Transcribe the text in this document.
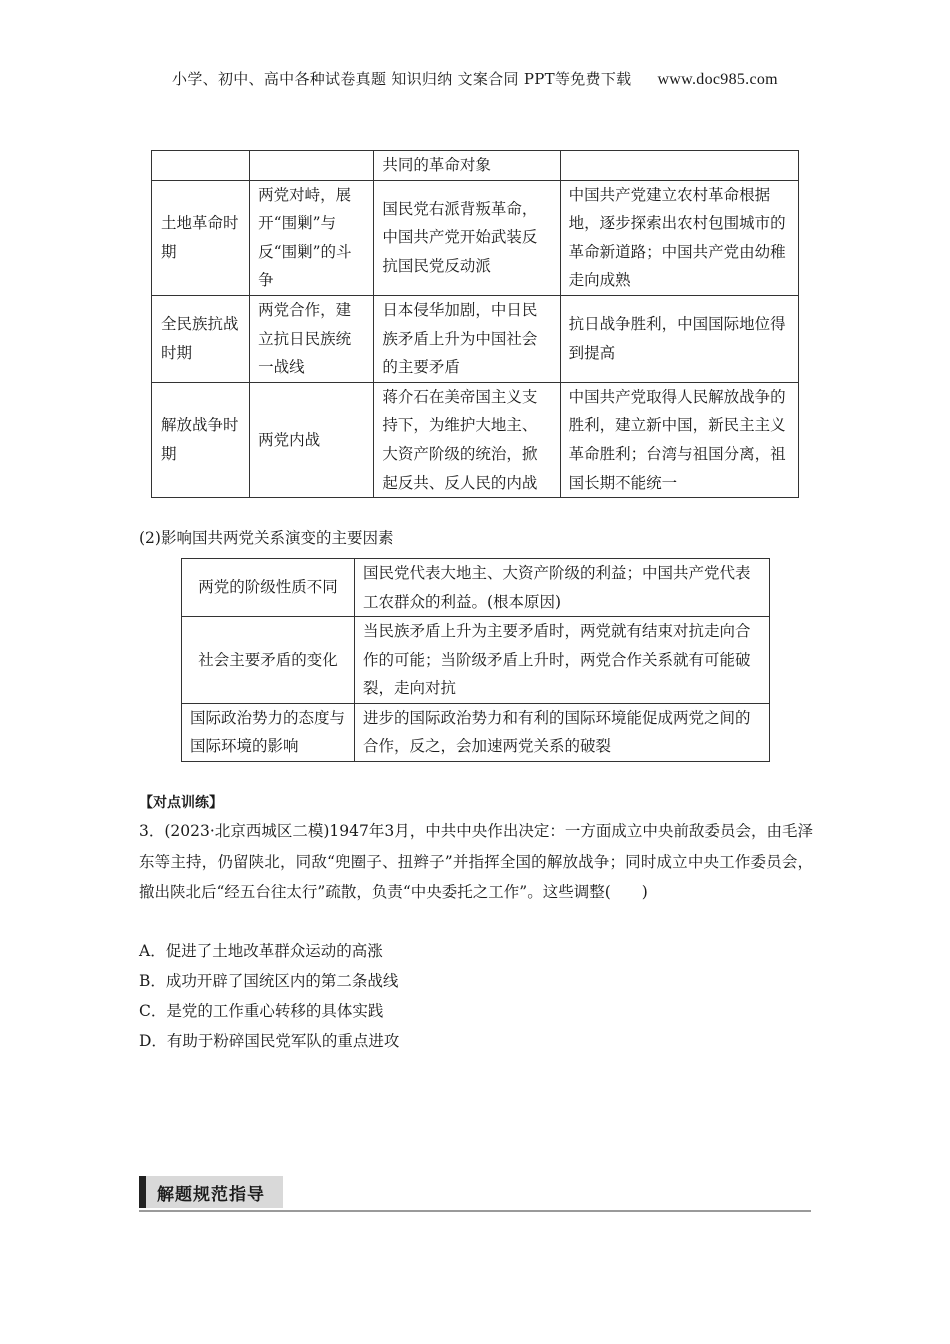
小学、初中、高中各种试卷真题 知识归纳 文案合同 PPT等免费下载 www.doc985.com
		共同的革命对象	
土地革命时期	两党对峙，展开“围剿”与反“围剿”的斗争	国民党右派背叛革命，中国共产党开始武装反抗国民党反动派	中国共产党建立农村革命根据地，逐步探索出农村包围城市的革命新道路；中国共产党由幼稚走向成熟
全民族抗战时期	两党合作，建立抗日民族统一战线	日本侵华加剧，中日民族矛盾上升为中国社会的主要矛盾	抗日战争胜利，中国国际地位得到提高
解放战争时期	两党内战	蒋介石在美帝国主义支持下，为维护大地主、大资产阶级的统治，掀起反共、反人民的内战	中国共产党取得人民解放战争的胜利，建立新中国，新民主主义革命胜利；台湾与祖国分离，祖国长期不能统一
(2)影响国共两党关系演变的主要因素
两党的阶级性质不同	国民党代表大地主、大资产阶级的利益；中国共产党代表工农群众的利益。(根本原因)
社会主要矛盾的变化	当民族矛盾上升为主要矛盾时，两党就有结束对抗走向合作的可能；当阶级矛盾上升时，两党合作关系就有可能破裂，走向对抗
国际政治势力的态度与国际环境的影响	进步的国际政治势力和有利的国际环境能促成两党之间的合作，反之，会加速两党关系的破裂
【对点训练】
3．(2023·北京西城区二模)1947年3月，中共中央作出决定：一方面成立中央前敌委员会，由毛泽东等主持，仍留陕北，同敌“兜圈子、扭辫子”并指挥全国的解放战争；同时成立中央工作委员会，撤出陕北后“经五台往太行”疏散，负责“中央委托之工作”。这些调整(　　)
A．促进了土地改革群众运动的高涨
B．成功开辟了国统区内的第二条战线
C．是党的工作重心转移的具体实践
D．有助于粉碎国民党军队的重点进攻
解题规范指导
